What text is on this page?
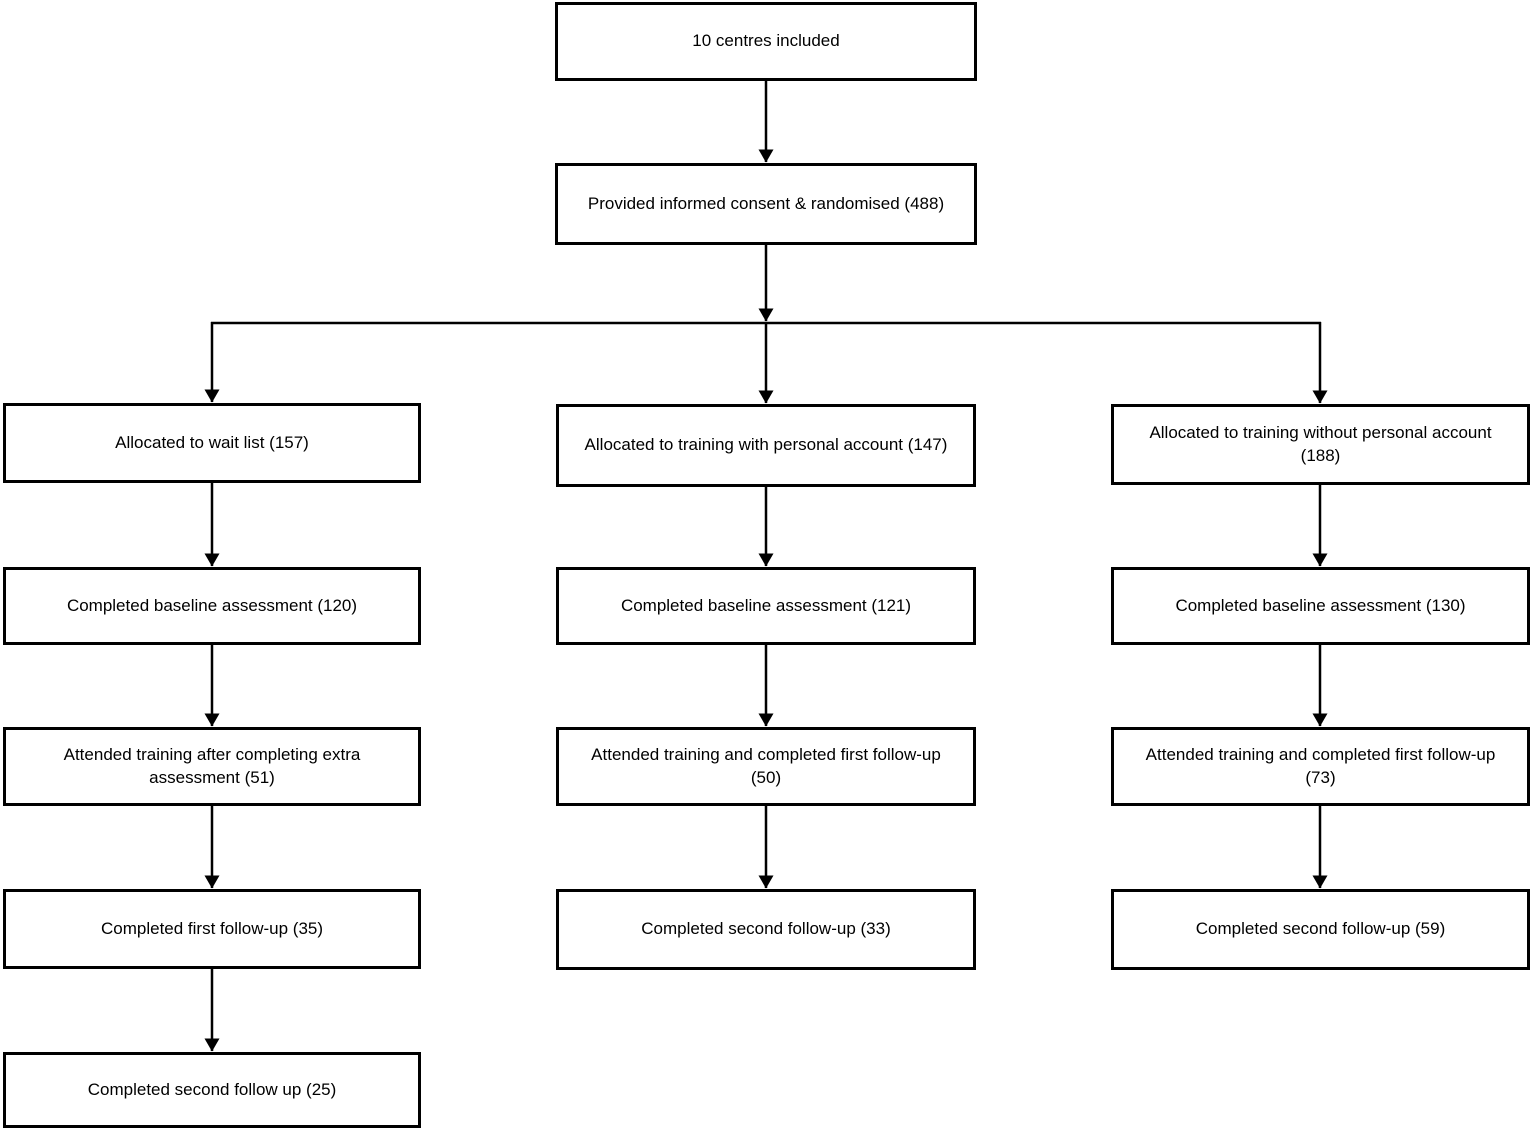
10 centres included
Provided informed consent & randomised (488)
Allocated to wait list (157)
Completed baseline assessment (120)
Attended training after completing extra assessment (51)
Completed first follow-up (35)
Completed second follow up (25)
Allocated to training with personal account (147)
Completed baseline assessment (121)
Attended training and completed first follow-up (50)
Completed second follow-up (33)
Allocated to training without personal account (188)
Completed baseline assessment (130)
Attended training and completed first follow-up (73)
Completed second follow-up (59)
